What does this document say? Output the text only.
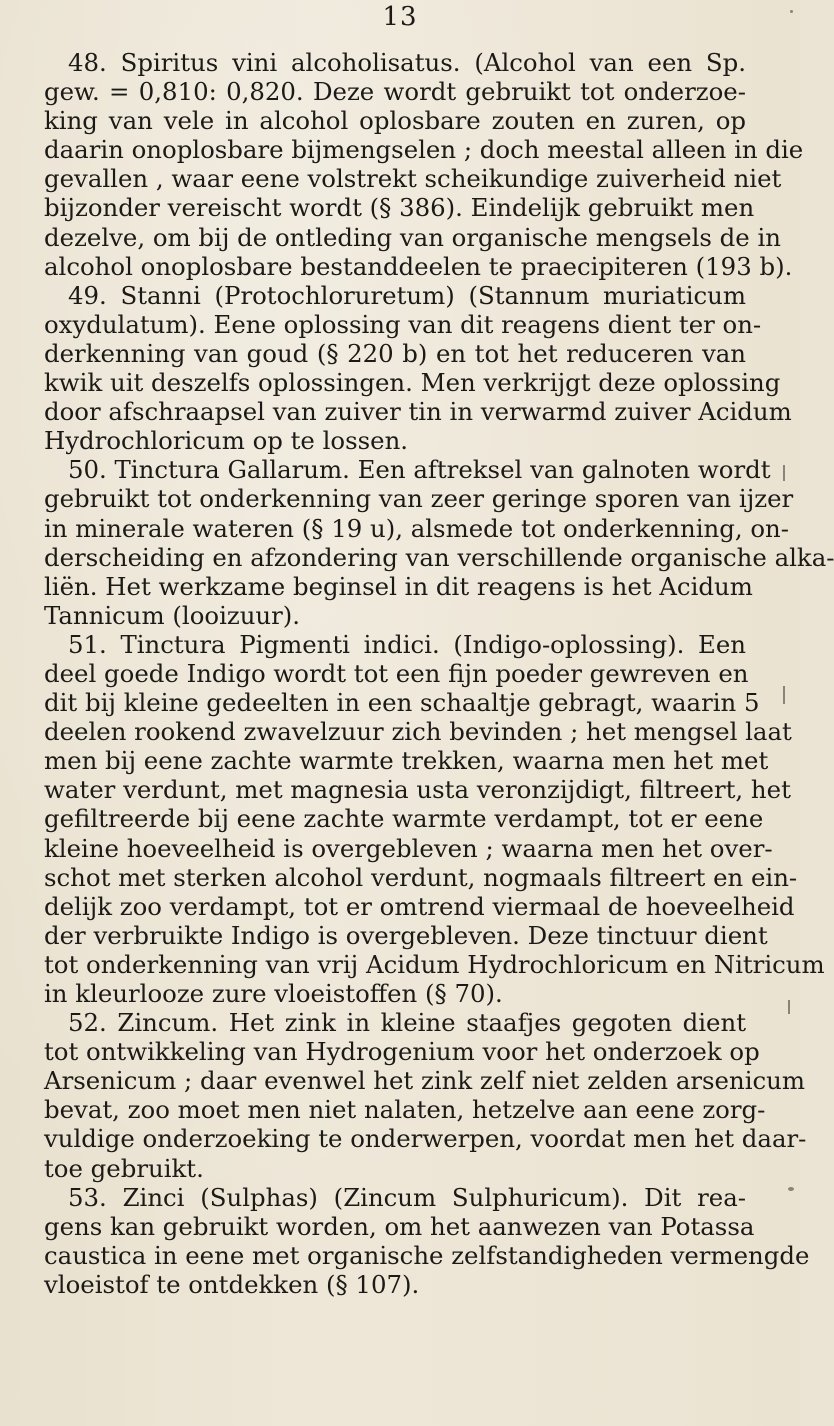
13
48. Spiritus vini alcoholisatus. (Alcohol van een Sp.
gew. = 0,810: 0,820. Deze wordt gebruikt tot onderzoe-
king van vele in alcohol oplosbare zouten en zuren, op
daarin onoplosbare bijmengselen ; doch meestal alleen in die
gevallen , waar eene volstrekt scheikundige zuiverheid niet
bijzonder vereischt wordt (§ 386). Eindelijk gebruikt men
dezelve, om bij de ontleding van organische mengsels de in
alcohol onoplosbare bestanddeelen te praecipiteren (193 b).
49. Stanni (Protochloruretum) (Stannum muriaticum
oxydulatum). Eene oplossing van dit reagens dient ter on-
derkenning van goud (§ 220 b) en tot het reduceren van
kwik uit deszelfs oplossingen. Men verkrijgt deze oplossing
door afschraapsel van zuiver tin in verwarmd zuiver Acidum
Hydrochloricum op te lossen.
50. Tinctura Gallarum. Een aftreksel van galnoten wordt
gebruikt tot onderkenning van zeer geringe sporen van ijzer
in minerale wateren (§ 19 u), alsmede tot onderkenning, on-
derscheiding en afzondering van verschillende organische alka-
liën. Het werkzame beginsel in dit reagens is het Acidum
Tannicum (looizuur).
51. Tinctura Pigmenti indici. (Indigo-oplossing). Een
deel goede Indigo wordt tot een fijn poeder gewreven en
dit bij kleine gedeelten in een schaaltje gebragt, waarin 5
deelen rookend zwavelzuur zich bevinden ; het mengsel laat
men bij eene zachte warmte trekken, waarna men het met
water verdunt, met magnesia usta veronzijdigt, filtreert, het
gefiltreerde bij eene zachte warmte verdampt, tot er eene
kleine hoeveelheid is overgebleven ; waarna men het over-
schot met sterken alcohol verdunt, nogmaals filtreert en ein-
delijk zoo verdampt, tot er omtrend viermaal de hoeveelheid
der verbruikte Indigo is overgebleven. Deze tinctuur dient
tot onderkenning van vrij Acidum Hydrochloricum en Nitricum
in kleurlooze zure vloeistoffen (§ 70).
52. Zincum. Het zink in kleine staafjes gegoten dient
tot ontwikkeling van Hydrogenium voor het onderzoek op
Arsenicum ; daar evenwel het zink zelf niet zelden arsenicum
bevat, zoo moet men niet nalaten, hetzelve aan eene zorg-
vuldige onderzoeking te onderwerpen, voordat men het daar-
toe gebruikt.
53. Zinci (Sulphas) (Zincum Sulphuricum). Dit rea-
gens kan gebruikt worden, om het aanwezen van Potassa
caustica in eene met organische zelfstandigheden vermengde
vloeistof te ontdekken (§ 107).
